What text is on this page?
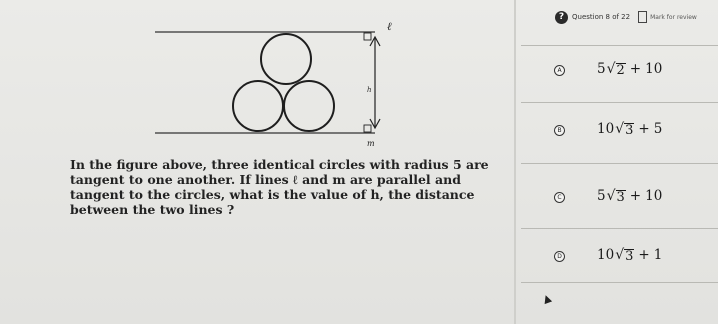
?	Question 8 of 22	Mark for review
ℓ
m
h
In the figure above, three identical circles with radius 5 are tangent to one another. If lines ℓ and m are parallel and tangent to the circles, what is the value of h, the distance between the two lines ?
A	5 √ 2 + 10
B	10 √ 3 + 5
C	5 √ 3 + 10
D	10 √ 3 + 1
